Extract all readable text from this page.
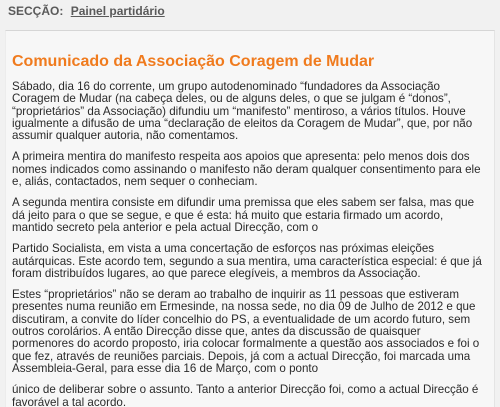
SECÇÃO: Painel partidário
Comunicado da Associação Coragem de Mudar

Sábado, dia 16 do corrente, um grupo autodenominado “fundadores da Associação Coragem de Mudar (na cabeça deles, ou de alguns deles, o que se julgam é “donos”, “proprietários” da Associação) difundiu um “manifesto” mentiroso, a vários títulos. Houve igualmente a difusão de uma “declaração de eleitos da Coragem de Mudar”, que, por não assumir qualquer autoria, não comentamos.

A primeira mentira do manifesto respeita aos apoios que apresenta: pelo menos dois dos nomes indicados como assinando o manifesto não deram qualquer consentimento para ele e, aliás, contactados, nem sequer o conheciam.

A segunda mentira consiste em difundir uma premissa que eles sabem ser falsa, mas que dá jeito para o que se segue, e que é esta: há muito que estaria firmado um acordo, mantido secreto pela anterior e pela actual Direcção, com o

Partido Socialista, em vista a uma concertação de esforços nas próximas eleições autárquicas. Este acordo tem, segundo a sua mentira, uma característica especial: é que já foram distribuídos lugares, ao que parece elegíveis, a membros da Associação.

Estes “proprietários” não se deram ao trabalho de inquirir as 11 pessoas que estiveram presentes numa reunião em Ermesinde, na nossa sede, no dia 09 de Julho de 2012 e que discutiram, a convite do líder concelhio do PS, a eventualidade de um acordo futuro, sem outros corolários. A então Direcção disse que, antes da discussão de quaisquer pormenores do acordo proposto, iria colocar formalmente a questão aos associados e foi o que fez, através de reuniões parciais. Depois, já com a actual Direcção, foi marcada uma Assembleia-Geral, para esse dia 16 de Março, com o ponto

único de deliberar sobre o assunto. Tanto a anterior Direcção foi, como a actual Direcção é favorável a tal acordo.
